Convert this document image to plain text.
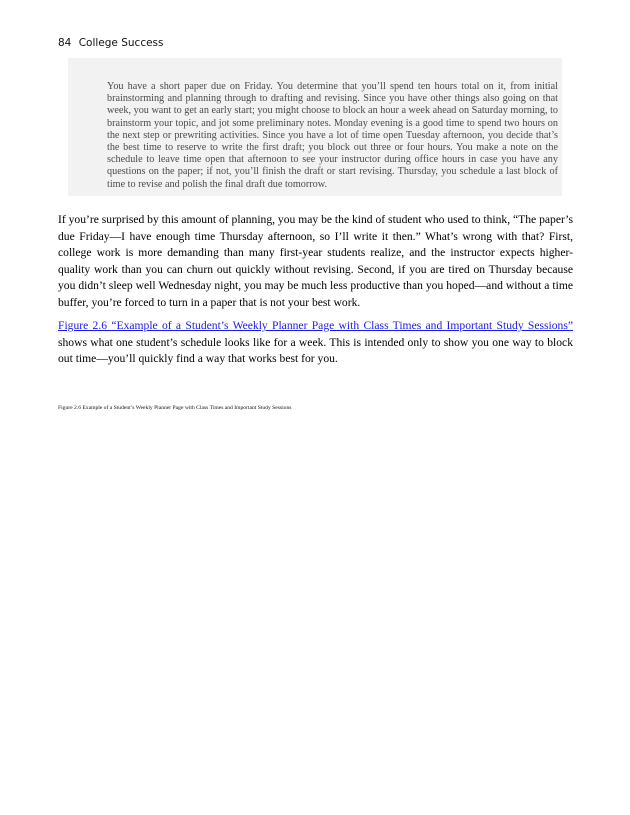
84 College Success

You have a short paper due on Friday. You determine that you’ll spend ten hours total on it, from initial brainstorming and planning through to drafting and revising. Since you have other things also going on that week, you want to get an early start; you might choose to block an hour a week ahead on Saturday morning, to brainstorm your topic, and jot some preliminary notes. Monday evening is a good time to spend two hours on the next step or prewriting activities. Since you have a lot of time open Tuesday afternoon, you decide that’s the best time to reserve to write the first draft; you block out three or four hours. You make a note on the schedule to leave time open that afternoon to see your instructor during office hours in case you have any questions on the paper; if not, you’ll finish the draft or start revising. Thursday, you schedule a last block of time to revise and polish the final draft due tomorrow.

If you’re surprised by this amount of planning, you may be the kind of student who used to think, “The paper’s due Friday—I have enough time Thursday afternoon, so I’ll write it then.” What’s wrong with that? First, college work is more demanding than many first-year students realize, and the instructor expects higher-quality work than you can churn out quickly without revising. Second, if you are tired on Thursday because you didn’t sleep well Wednesday night, you may be much less productive than you hoped—and without a time buffer, you’re forced to turn in a paper that is not your best work.

Figure 2.6 “Example of a Student’s Weekly Planner Page with Class Times and Important Study Sessions” shows what one student’s schedule looks like for a week. This is intended only to show you one way to block out time—you’ll quickly find a way that works best for you.

Figure 2.6 Example of a Student’s Weekly Planner Page with Class Times and Important Study Sessions
